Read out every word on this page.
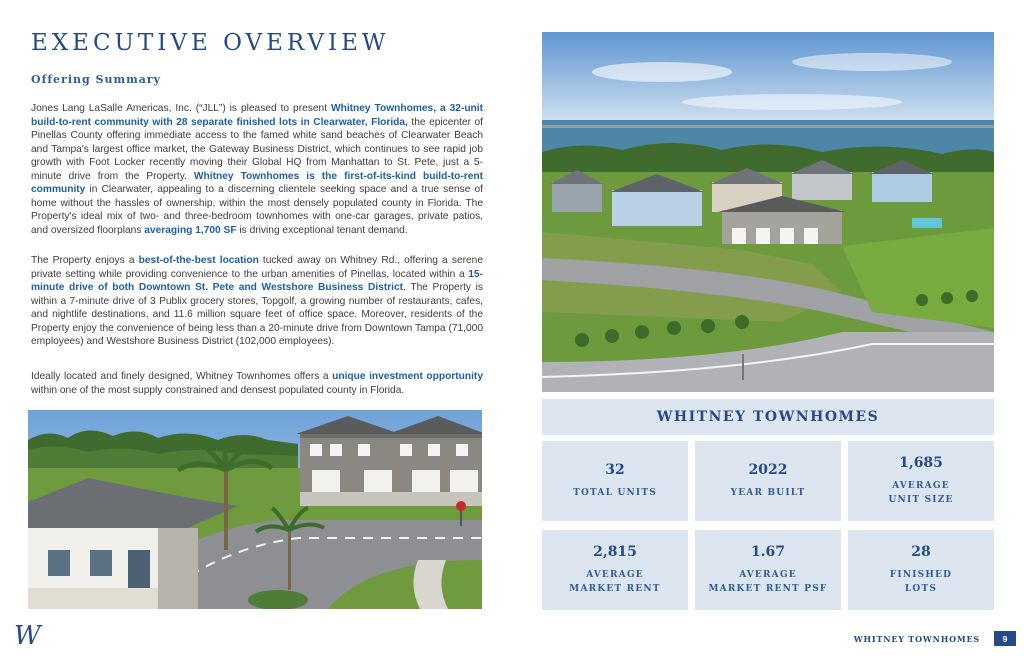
EXECUTIVE OVERVIEW
Offering Summary

Jones Lang LaSalle Americas, Inc. (“JLL”) is pleased to present Whitney Townhomes, a 32-unit build-to-rent community with 28 separate finished lots in Clearwater, Florida, the epicenter of Pinellas County offering immediate access to the famed white sand beaches of Clearwater Beach and Tampa's largest office market, the Gateway Business District, which continues to see rapid job growth with Foot Locker recently moving their Global HQ from Manhattan to St. Pete, just a 5-minute drive from the Property. Whitney Townhomes is the first-of-its-kind build-to-rent community in Clearwater, appealing to a discerning clientele seeking space and a true sense of home without the hassles of ownership, within the most densely populated county in Florida. The Property's ideal mix of two- and three-bedroom townhomes with one-car garages, private patios, and oversized floorplans averaging 1,700 SF is driving exceptional tenant demand.

The Property enjoys a best-of-the-best location tucked away on Whitney Rd., offering a serene private setting while providing convenience to the urban amenities of Pinellas, located within a 15-minute drive of both Downtown St. Pete and Westshore Business District. The Property is within a 7-minute drive of 3 Publix grocery stores, Topgolf, a growing number of restaurants, cafes, and nightlife destinations, and 11.6 million square feet of office space. Moreover, residents of the Property enjoy the convenience of being less than a 20-minute drive from Downtown Tampa (71,000 employees) and Westshore Business District (102,000 employees).

Ideally located and finely designed, Whitney Townhomes offers a unique investment opportunity within one of the most supply constrained and densest populated county in Florida.

WHITNEY TOWNHOMES
32
TOTAL UNITS
2022
YEAR BUILT
1,685
AVERAGE
UNIT SIZE
2,815
AVERAGE
MARKET RENT
1.67
AVERAGE
MARKET RENT PSF
28
FINISHED
LOTS
W	WHITNEY TOWNHOMES	9
